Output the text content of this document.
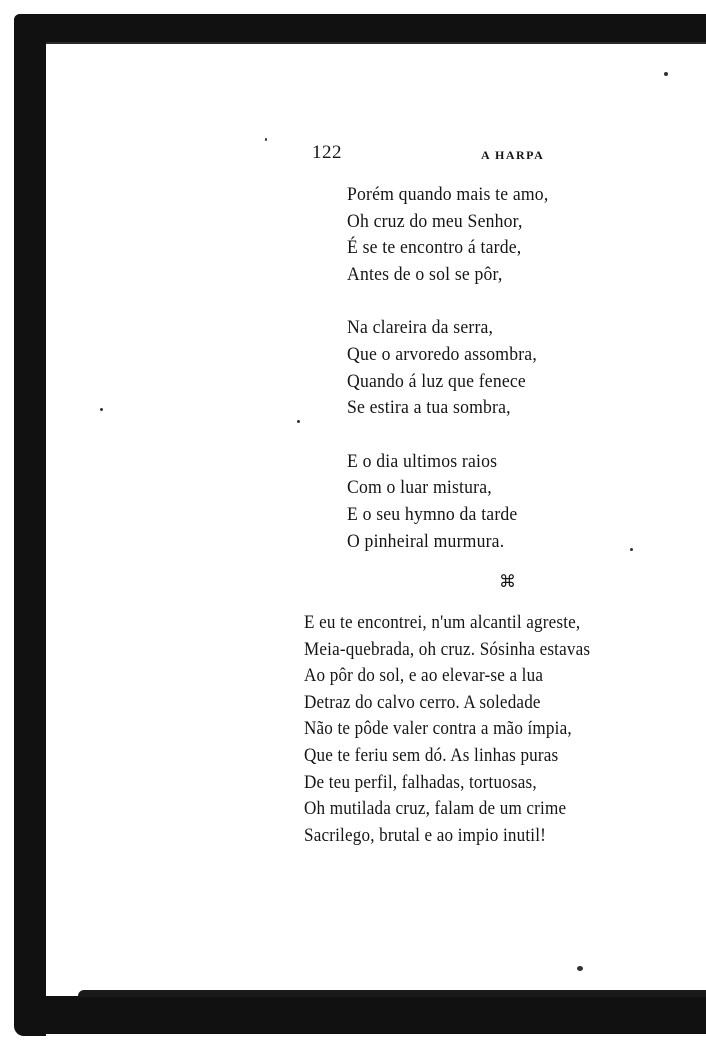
122	A HARPA
Porém quando mais te amo,
Oh cruz do meu Senhor,
É se te encontro á tarde,
Antes de o sol se pôr,
Na clareira da serra,
Que o arvoredo assombra,
Quando á luz que fenece
Se estira a tua sombra,
E o dia ultimos raios
Com o luar mistura,
E o seu hymno da tarde
O pinheiral murmura.
⌘
E eu te encontrei, n'um alcantil agreste,
Meia-quebrada, oh cruz. Sósinha estavas
Ao pôr do sol, e ao elevar-se a lua
Detraz do calvo cerro. A soledade
Não te pôde valer contra a mão ímpia,
Que te feriu sem dó. As linhas puras
De teu perfil, falhadas, tortuosas,
Oh mutilada cruz, falam de um crime
Sacrilego, brutal e ao impio inutil!
